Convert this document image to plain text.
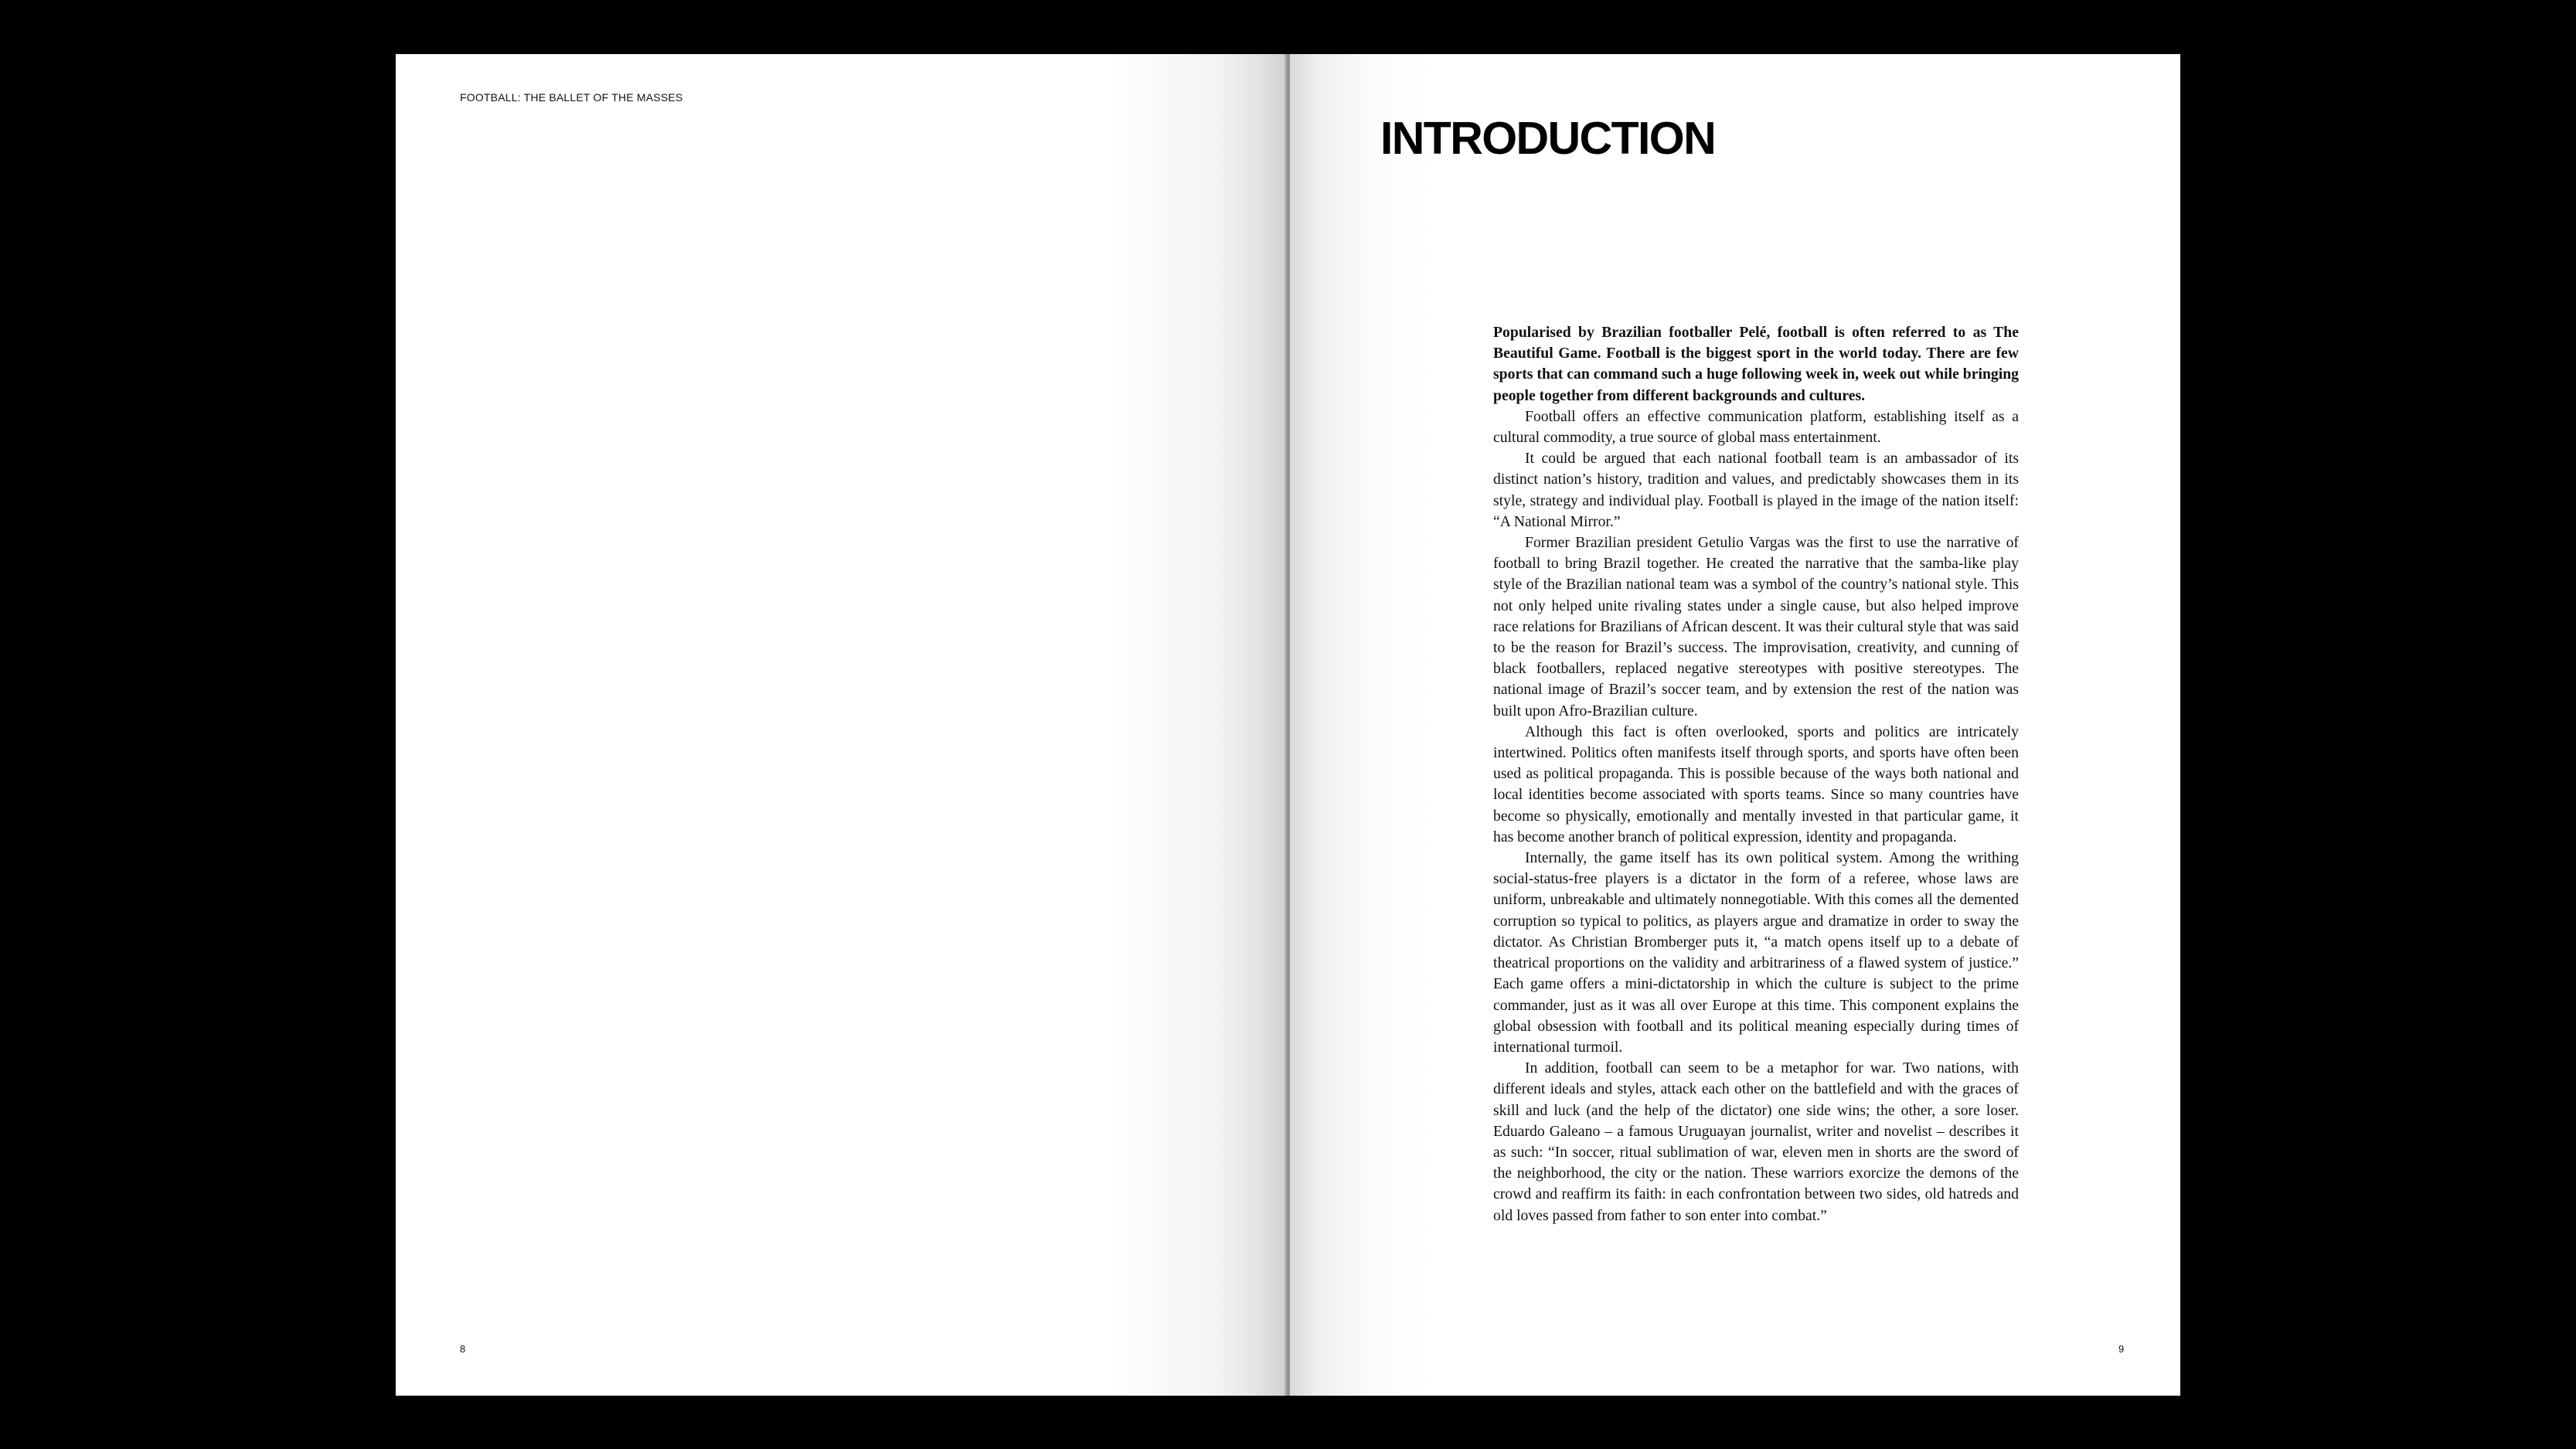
FOOTBALL: THE BALLET OF THE MASSES
8
INTRODUCTION

Popularised by Brazilian footballer Pelé, football is often referred to as The Beautiful Game. Football is the biggest sport in the world today. There are few sports that can command such a huge following week in, week out while bringing people together from different backgrounds and cultures.

Football offers an effective communication platform, establishing itself as a cultural commodity, a true source of global mass entertainment.

It could be argued that each national football team is an ambassador of its distinct nation’s history, tradition and values, and predictably showcases them in its style, strategy and individual play. Football is played in the image of the nation itself: “A National Mirror.”

Former Brazilian president Getulio Vargas was the first to use the narrative of football to bring Brazil together. He created the narrative that the samba-like play style of the Brazilian national team was a symbol of the country’s national style. This not only helped unite rivaling states under a single cause, but also helped improve race relations for Brazilians of African descent. It was their cultural style that was said to be the reason for Brazil’s success. The improvisation, creativity, and cunning of black footballers, replaced negative stereotypes with positive stereotypes. The national image of Brazil’s soccer team, and by extension the rest of the nation was built upon Afro-Brazilian culture.

Although this fact is often overlooked, sports and politics are intricately intertwined. Politics often manifests itself through sports, and sports have often been used as political propaganda. This is possible because of the ways both national and local identities become associated with sports teams. Since so many countries have become so physically, emotionally and mentally invested in that particular game, it has become another branch of political expression, identity and propaganda.

Internally, the game itself has its own political system. Among the writhing social-status-free players is a dictator in the form of a referee, whose laws are uniform, unbreakable and ultimately nonnegotiable. With this comes all the demented corruption so typical to politics, as players argue and dramatize in order to sway the dictator. As Christian Bromberger puts it, “a match opens itself up to a debate of theatrical proportions on the validity and arbitrariness of a flawed system of justice.” Each game offers a mini-dictatorship in which the culture is subject to the prime commander, just as it was all over Europe at this time. This component explains the global obsession with football and its political meaning especially during times of international turmoil.

In addition, football can seem to be a metaphor for war. Two nations, with different ideals and styles, attack each other on the battlefield and with the graces of skill and luck (and the help of the dictator) one side wins; the other, a sore loser. Eduardo Galeano – a famous Uruguayan journalist, writer and novelist – describes it as such: “In soccer, ritual sublimation of war, eleven men in shorts are the sword of the neighborhood, the city or the nation. These warriors exorcize the demons of the crowd and reaffirm its faith: in each confrontation between two sides, old hatreds and old loves passed from father to son enter into combat.”

9
